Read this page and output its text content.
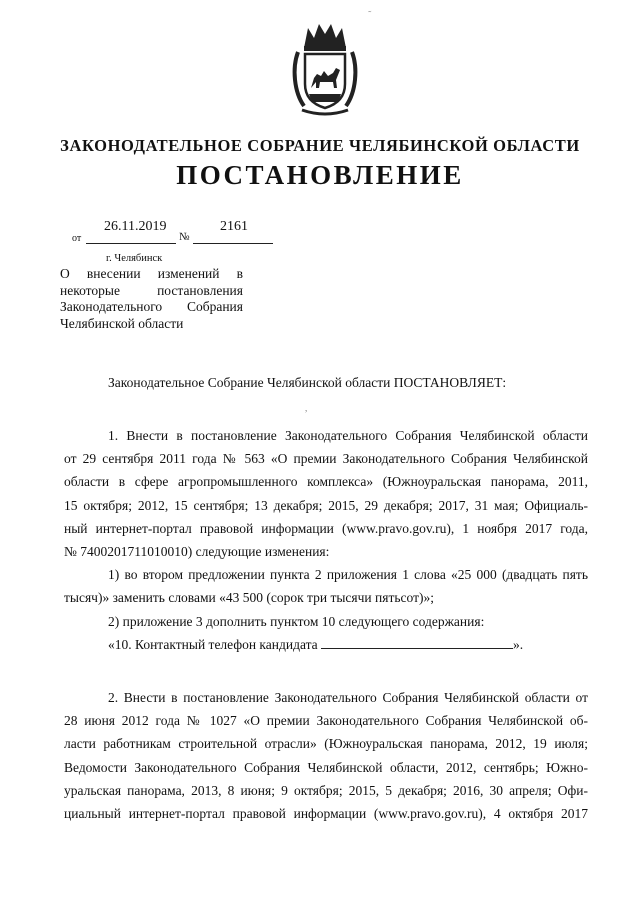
˜
ЗАКОНОДАТЕЛЬНОЕ СОБРАНИЕ ЧЕЛЯБИНСКОЙ ОБЛАСТИ
ПОСТАНОВЛЕНИЕ
26.11.2019	2161
от	№
г. Челябинск
О внесении изменений в
некоторые постановления
Законодательного Собрания
Челябинской области
Законодательное Собрание Челябинской области ПОСТАНОВЛЯЕТ:
,
1. Внести в постановление Законодательного Собрания Челябинской области
от 29 сентября 2011 года № 563 «О премии Законодательного Собрания Челябинской
области в сфере агропромышленного комплекса» (Южноуральская панорама, 2011,
15 октября; 2012, 15 сентября; 13 декабря; 2015, 29 декабря; 2017, 31 мая; Официаль-
ный интернет-портал правовой информации (www.pravo.gov.ru), 1 ноября 2017 года,
№ 7400201711010010) следующие изменения:
1) во втором предложении пункта 2 приложения 1 слова «25 000 (двадцать пять
тысяч)» заменить словами «43 500 (сорок три тысячи пятьсот)»;
2) приложение 3 дополнить пунктом 10 следующего содержания:
«10. Контактный телефон кандидата	».
2. Внести в постановление Законодательного Собрания Челябинской области от
28 июня 2012 года № 1027 «О премии Законодательного Собрания Челябинской об-
ласти работникам строительной отрасли» (Южноуральская панорама, 2012, 19 июля;
Ведомости Законодательного Собрания Челябинской области, 2012, сентябрь; Южно-
уральская панорама, 2013, 8 июня; 9 октября; 2015, 5 декабря; 2016, 30 апреля; Офи-
циальный интернет-портал правовой информации (www.pravo.gov.ru), 4 октября 2017
